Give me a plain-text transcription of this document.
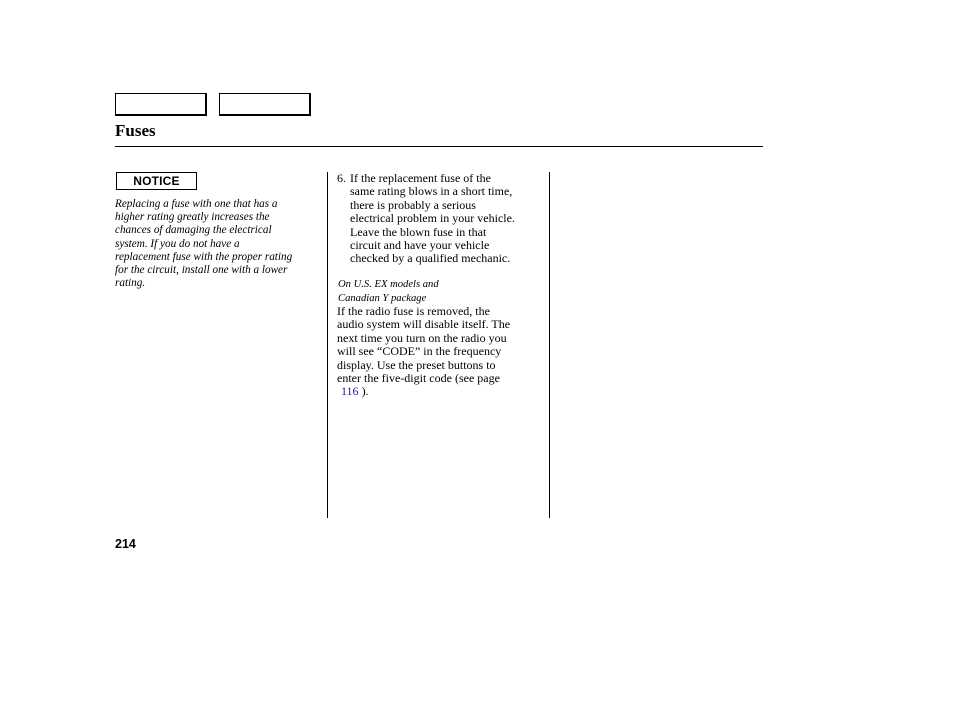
Fuses
NOTICE
Replacing a fuse with one that has a
higher rating greatly increases the
chances of damaging the electrical
system. If you do not have a
replacement fuse with the proper rating
for the circuit, install one with a lower
rating.
6. If the replacement fuse of the
same rating blows in a short time,
there is probably a serious
electrical problem in your vehicle.
Leave the blown fuse in that
circuit and have your vehicle
checked by a qualified mechanic.
On U.S. EX models and
Canadian Y package
If the radio fuse is removed, the
audio system will disable itself. The
next time you turn on the radio you
will see “CODE” in the frequency
display. Use the preset buttons to
enter the five-digit code (see page
116 ).
214
